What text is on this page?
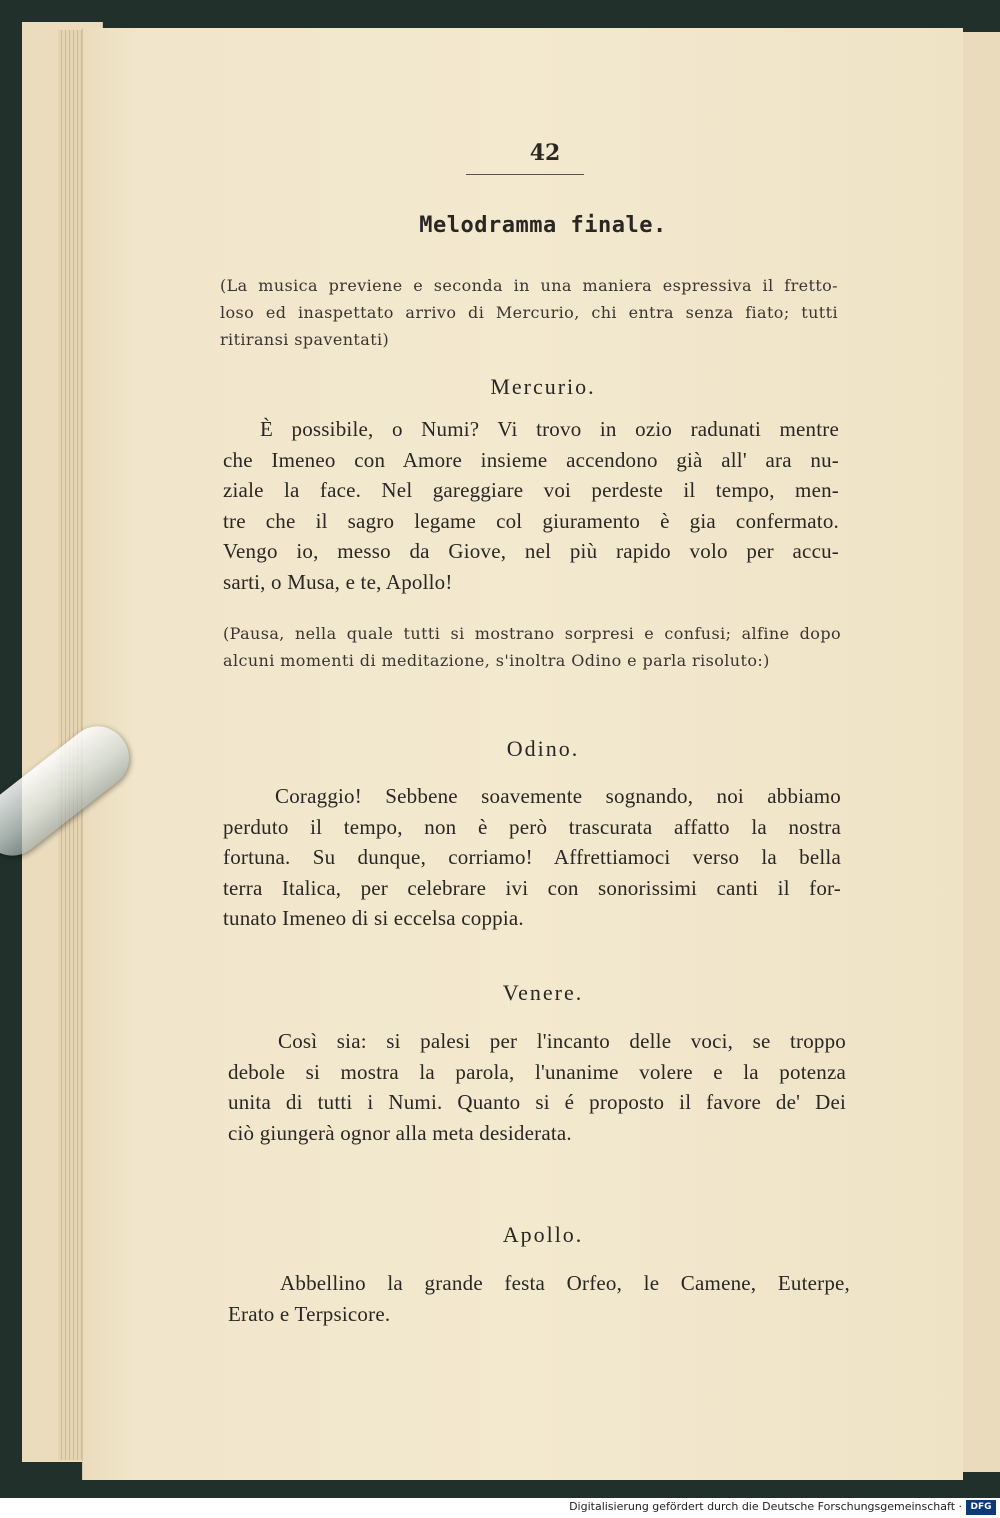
42
Melodramma finale.
(La musica previene e seconda in una maniera espressiva il fretto-
loso ed inaspettato arrivo di Mercurio, chi entra senza fiato; tutti
ritiransi spaventati)
Mercurio.
È possibile, o Numi? Vi trovo in ozio radunati mentre
che Imeneo con Amore insieme accendono già all' ara nu-
ziale la face. Nel gareggiare voi perdeste il tempo, men-
tre che il sagro legame col giuramento è gia confermato.
Vengo io, messo da Giove, nel più rapido volo per accu-
sarti, o Musa, e te, Apollo!
(Pausa, nella quale tutti si mostrano sorpresi e confusi; alfine dopo
alcuni momenti di meditazione, s'inoltra Odino e parla risoluto:)
Odino.
Coraggio! Sebbene soavemente sognando, noi abbiamo
perduto il tempo, non è però trascurata affatto la nostra
fortuna. Su dunque, corriamo! Affrettiamoci verso la bella
terra Italica, per celebrare ivi con sonorissimi canti il for-
tunato Imeneo di si eccelsa coppia.
Venere.
Così sia: si palesi per l'incanto delle voci, se troppo
debole si mostra la parola, l'unanime volere e la potenza
unita di tutti i Numi. Quanto si é proposto il favore de' Dei
ciò giungerà ognor alla meta desiderata.
Apollo.
Abbellino la grande festa Orfeo, le Camene, Euterpe,
Erato e Terpsicore.
Digitalisierung gefördert durch die Deutsche Forschungsgemeinschaft · DFG
